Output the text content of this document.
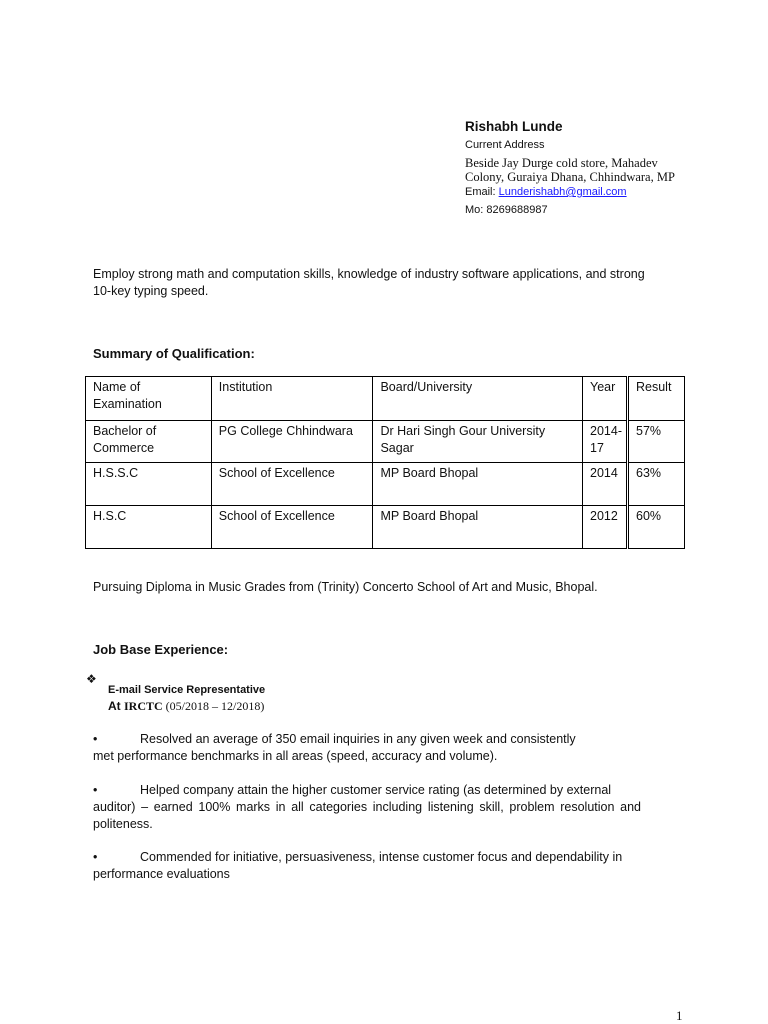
Rishabh Lunde
Current Address
Beside Jay Durge cold store, Mahadev
Colony, Guraiya Dhana, Chhindwara, MP
Email: Lunderishabh@gmail.com
Mo: 8269688987
Employ strong math and computation skills, knowledge of industry software applications, and strong
10-key typing speed.
Summary of Qualification:
Name of Examination	Institution	Board/University	Year	Result
Bachelor of Commerce	PG College Chhindwara	Dr Hari Singh Gour University Sagar	2014-17	57%
H.S.S.C	School of Excellence	MP Board Bhopal	2014	63%
H.S.C	School of Excellence	MP Board Bhopal	2012	60%
Pursuing Diploma in Music Grades from (Trinity) Concerto School of Art and Music, Bhopal.
Job Base Experience:
❖
E-mail Service Representative
At IRCTC (05/2018 – 12/2018)
•	Resolved an average of 350 email inquiries in any given week and consistently
met performance benchmarks in all areas (speed, accuracy and volume).
•	Helped company attain the higher customer service rating (as determined by external
auditor) – earned 100% marks in all categories including listening skill, problem resolution and politeness.
•	Commended for initiative, persuasiveness, intense customer focus and dependability in
performance evaluations
1
